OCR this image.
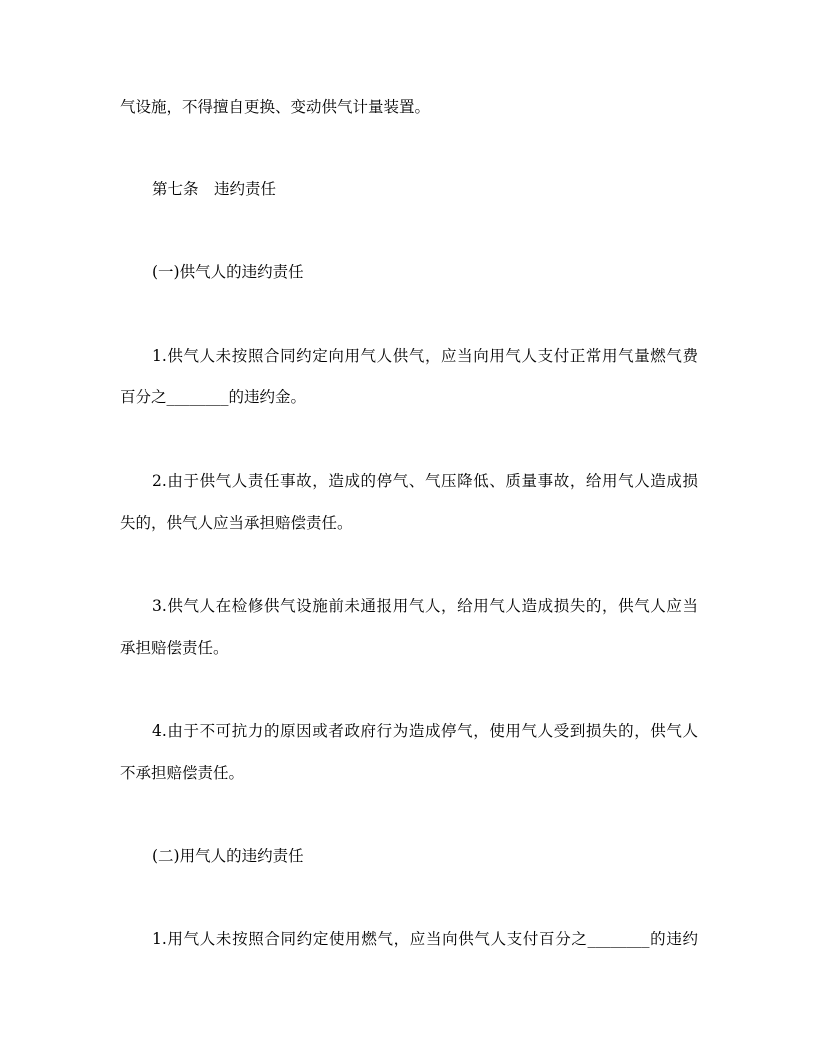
气设施，不得擅自更换、变动供气计量装置。
第七条　违约责任
(一)供气人的违约责任
1.供气人未按照合同约定向用气人供气，应当向用气人支付正常用气量燃气费
百分之________的违约金。
2.由于供气人责任事故，造成的停气、气压降低、质量事故，给用气人造成损
失的，供气人应当承担赔偿责任。
3.供气人在检修供气设施前未通报用气人，给用气人造成损失的，供气人应当
承担赔偿责任。
4.由于不可抗力的原因或者政府行为造成停气，使用气人受到损失的，供气人
不承担赔偿责任。
(二)用气人的违约责任
1.用气人未按照合同约定使用燃气，应当向供气人支付百分之________的违约
